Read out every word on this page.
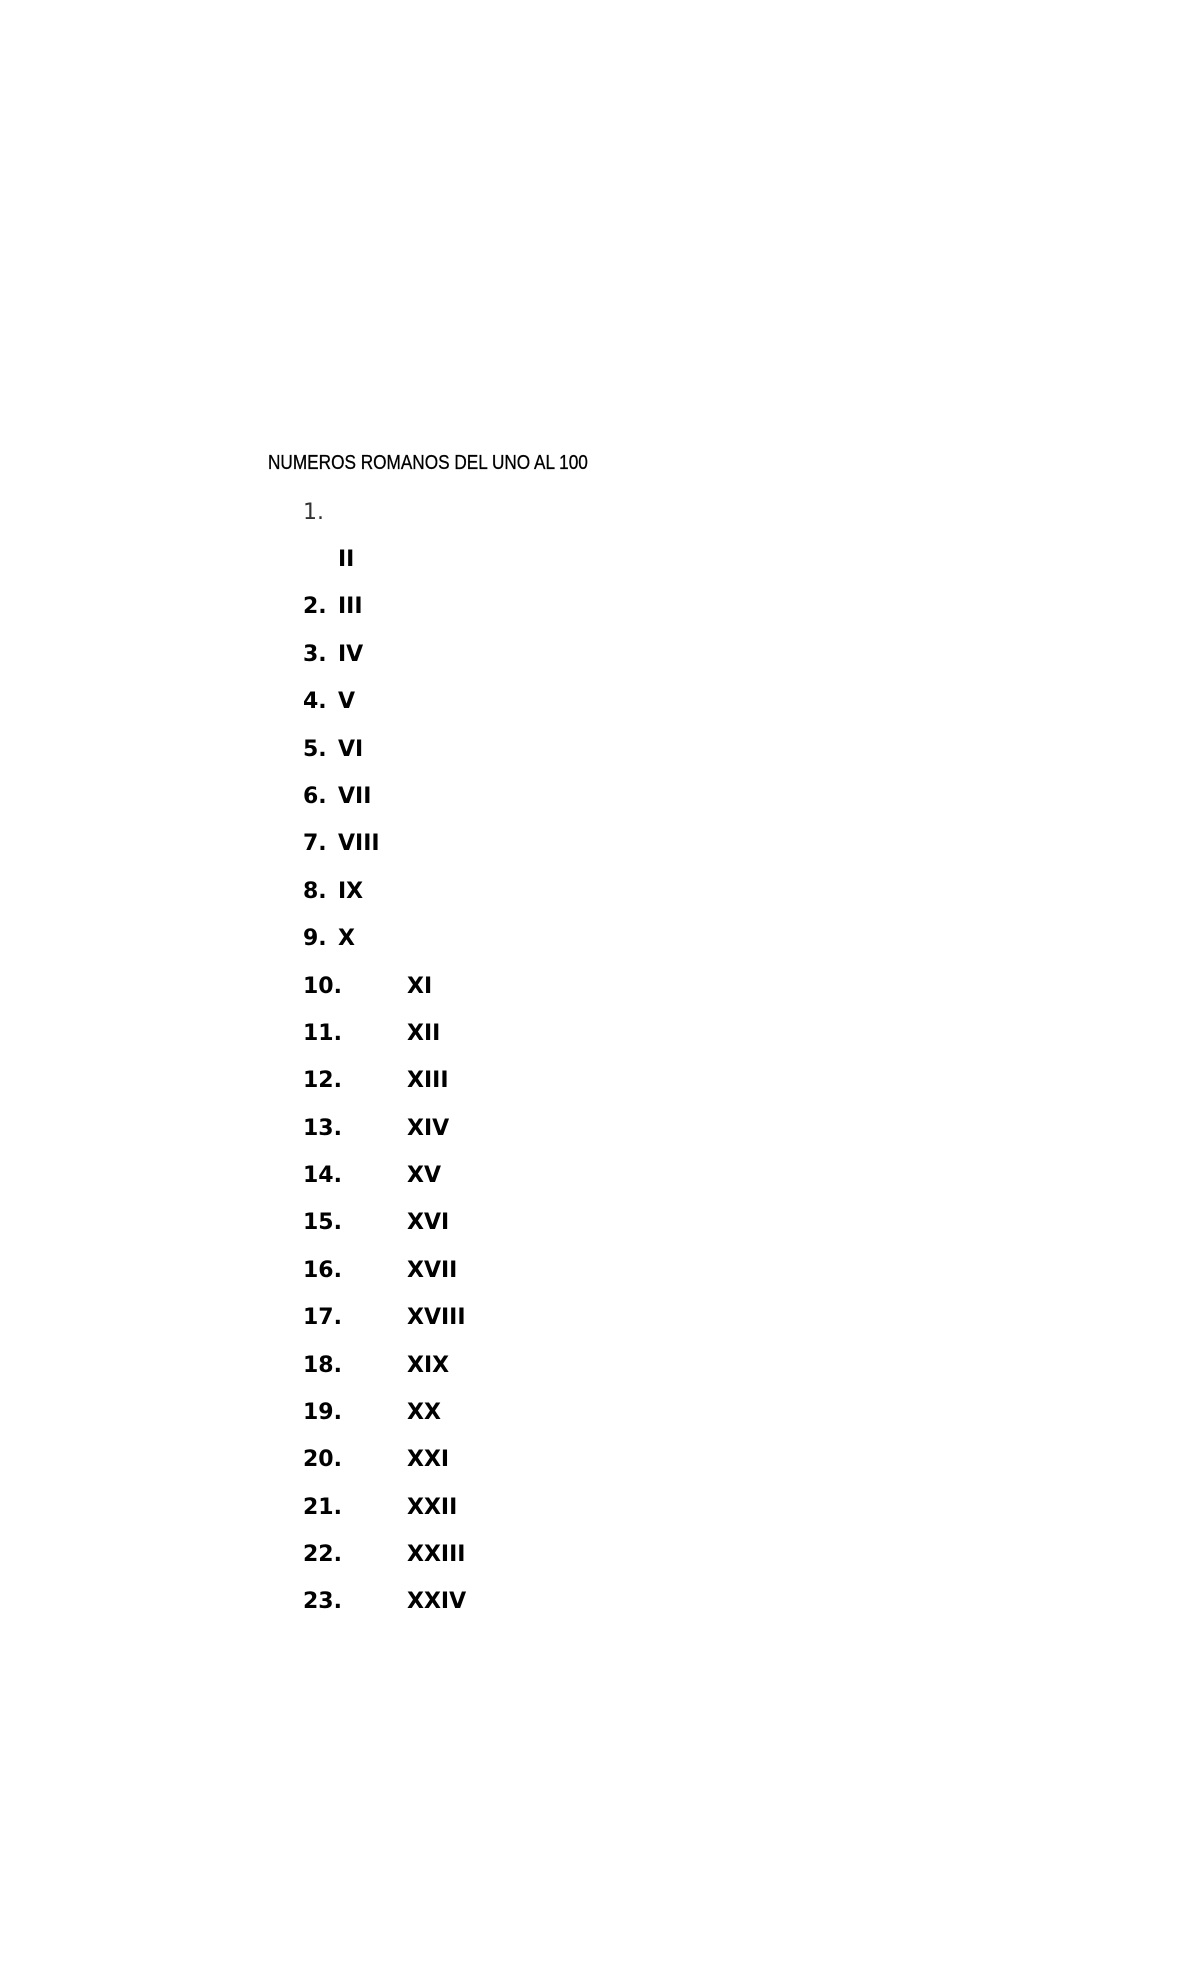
NUMEROS ROMANOS DEL UNO AL 100
1.
II
2. III
3. IV
4. V
5. VI
6. VII
7. VIII
8. IX
9. X
10.	XI
11.	XII
12.	XIII
13.	XIV
14.	XV
15.	XVI
16.	XVII
17.	XVIII
18.	XIX
19.	XX
20.	XXI
21.	XXII
22.	XXIII
23.	XXIV
